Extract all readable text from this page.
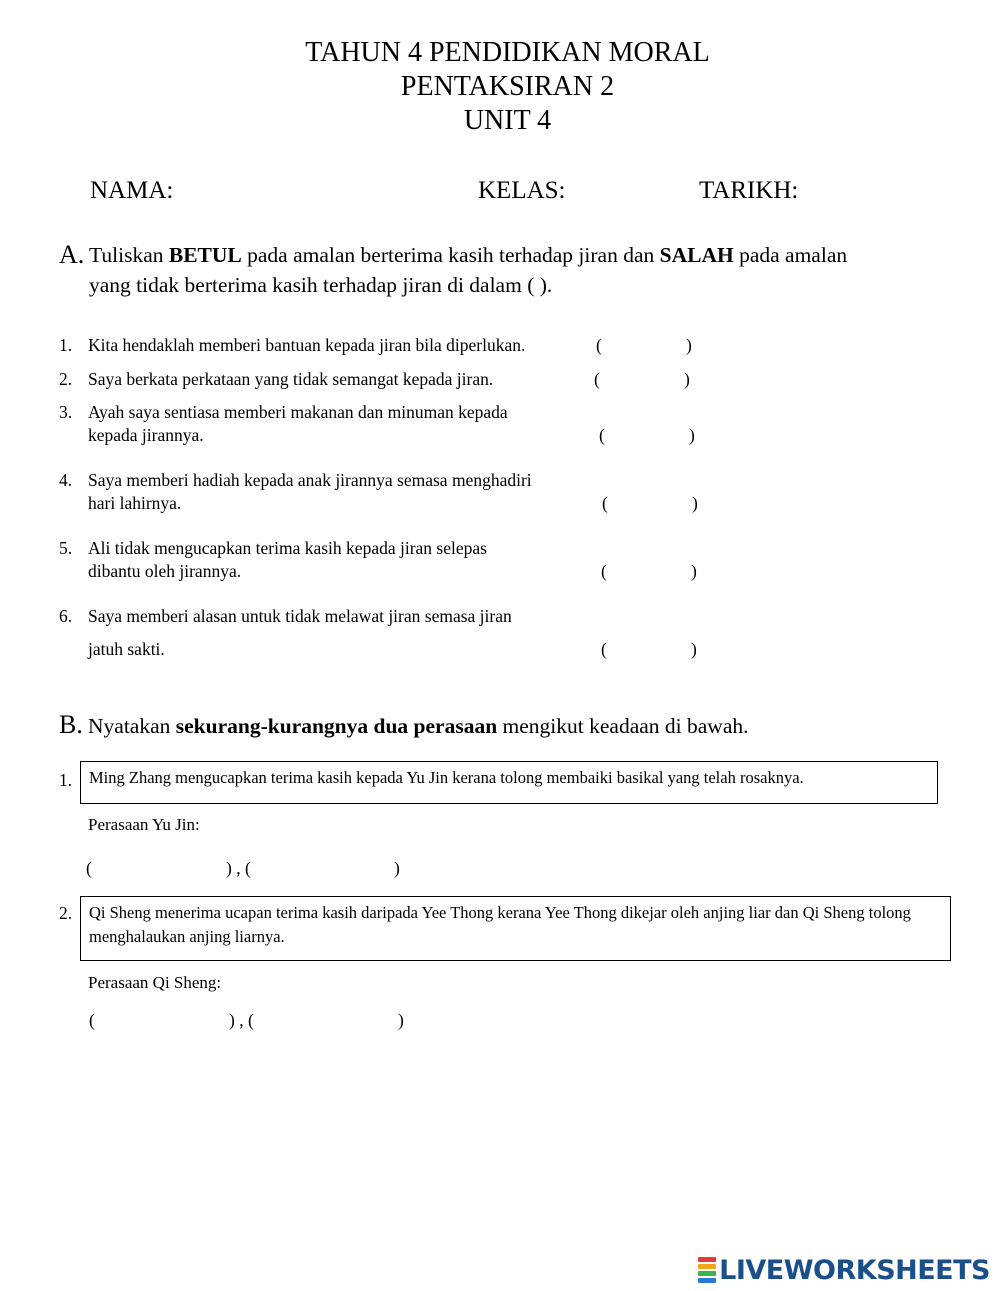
TAHUN 4 PENDIDIKAN MORAL
PENTAKSIRAN 2
UNIT 4
NAMA:	KELAS:	TARIKH:
A. Tuliskan BETUL pada amalan berterima kasih terhadap jiran dan SALAH pada amalan
yang tidak berterima kasih terhadap jiran di dalam ( ).
1. Kita hendaklah memberi bantuan kepada jiran bila diperlukan.	(	)
2. Saya berkata perkataan yang tidak semangat kepada jiran.	(	)
3. Ayah saya sentiasa memberi makanan dan minuman kepada
kepada jirannya.	(	)
4. Saya memberi hadiah kepada anak jirannya semasa menghadiri
hari lahirnya.	(	)
5. Ali tidak mengucapkan terima kasih kepada jiran selepas
dibantu oleh jirannya.	(	)
6. Saya memberi alasan untuk tidak melawat jiran semasa jiran
jatuh sakti.	(	)
B. Nyatakan sekurang-kurangnya dua perasaan mengikut keadaan di bawah.
1.	Ming Zhang mengucapkan terima kasih kepada Yu Jin kerana tolong membaiki basikal yang telah rosaknya.
Perasaan Yu Jin:
(	) , (	)
2.	Qi Sheng menerima ucapan terima kasih daripada Yee Thong kerana Yee Thong dikejar oleh anjing liar dan Qi Sheng tolong menghalaukan anjing liarnya.
Perasaan Qi Sheng:
(	) , (	)
LIVEWORKSHEETS
